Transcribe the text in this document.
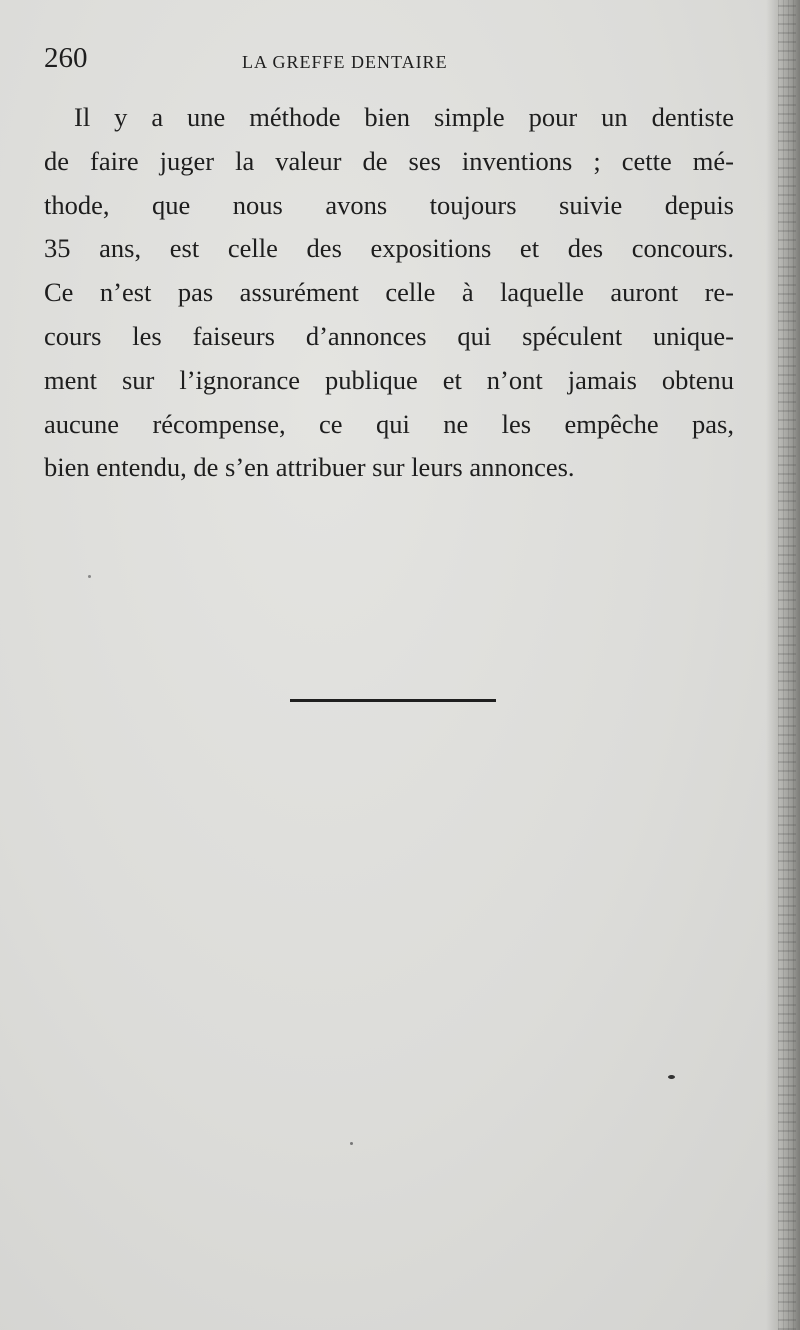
260	LA GREFFE DENTAIRE
Il y a une méthode bien simple pour un dentiste
de faire juger la valeur de ses inventions ; cette mé-
thode, que nous avons toujours suivie depuis
35 ans, est celle des expositions et des concours.
Ce n’est pas assurément celle à laquelle auront re-
cours les faiseurs d’annonces qui spéculent unique-
ment sur l’ignorance publique et n’ont jamais obtenu
aucune récompense, ce qui ne les empêche pas,
bien entendu, de s’en attribuer sur leurs annonces.
